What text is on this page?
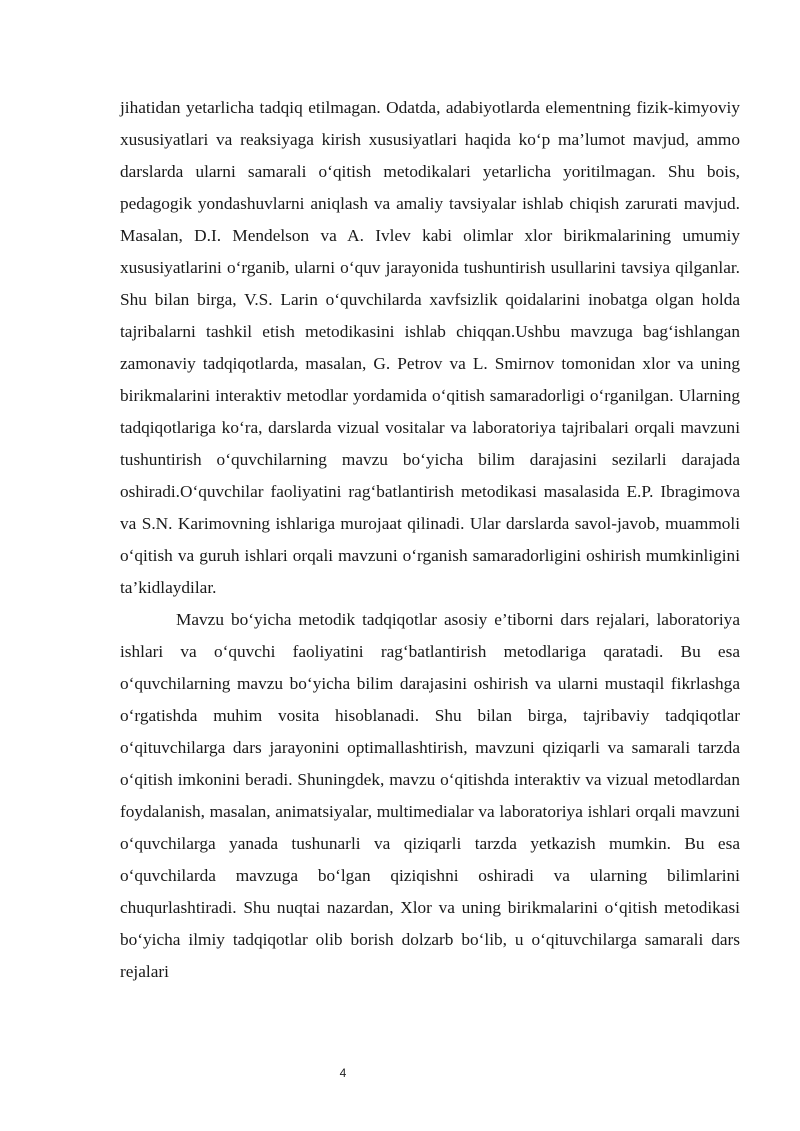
jihatidan yetarlicha tadqiq etilmagan. Odatda, adabiyotlarda elementning fizik-kimyoviy xususiyatlari va reaksiyaga kirish xususiyatlari haqida ko‘p ma’lumot mavjud, ammo darslarda ularni samarali o‘qitish metodikalari yetarlicha yoritilmagan. Shu bois, pedagogik yondashuvlarni aniqlash va amaliy tavsiyalar ishlab chiqish zarurati mavjud. Masalan, D.I. Mendelson va A. Ivlev kabi olimlar xlor birikmalarining umumiy xususiyatlarini o‘rganib, ularni o‘quv jarayonida tushuntirish usullarini tavsiya qilganlar. Shu bilan birga, V.S. Larin o‘quvchilarda xavfsizlik qoidalarini inobatga olgan holda tajribalarni tashkil etish metodikasini ishlab chiqqan.Ushbu mavzuga bag‘ishlangan zamonaviy tadqiqotlarda, masalan, G. Petrov va L. Smirnov tomonidan xlor va uning birikmalarini interaktiv metodlar yordamida o‘qitish samaradorligi o‘rganilgan. Ularning tadqiqotlariga ko‘ra, darslarda vizual vositalar va laboratoriya tajribalari orqali mavzuni tushuntirish o‘quvchilarning mavzu bo‘yicha bilim darajasini sezilarli darajada oshiradi.O‘quvchilar faoliyatini rag‘batlantirish metodikasi masalasida E.P. Ibragimova va S.N. Karimovning ishlariga murojaat qilinadi. Ular darslarda savol-javob, muammoli o‘qitish va guruh ishlari orqali mavzuni o‘rganish samaradorligini oshirish mumkinligini ta’kidlaydilar.

Mavzu bo‘yicha metodik tadqiqotlar asosiy e’tiborni dars rejalari, laboratoriya ishlari va o‘quvchi faoliyatini rag‘batlantirish metodlariga qaratadi. Bu esa o‘quvchilarning mavzu bo‘yicha bilim darajasini oshirish va ularni mustaqil fikrlashga o‘rgatishda muhim vosita hisoblanadi. Shu bilan birga, tajribaviy tadqiqotlar o‘qituvchilarga dars jarayonini optimallashtirish, mavzuni qiziqarli va samarali tarzda o‘qitish imkonini beradi. Shuningdek, mavzu o‘qitishda interaktiv va vizual metodlardan foydalanish, masalan, animatsiyalar, multimedialar va laboratoriya ishlari orqali mavzuni o‘quvchilarga yanada tushunarli va qiziqarli tarzda yetkazish mumkin. Bu esa o‘quvchilarda mavzuga bo‘lgan qiziqishni oshiradi va ularning bilimlarini chuqurlashtiradi. Shu nuqtai nazardan, Xlor va uning birikmalarini o‘qitish metodikasi bo‘yicha ilmiy tadqiqotlar olib borish dolzarb bo‘lib, u o‘qituvchilarga samarali dars rejalari

4
